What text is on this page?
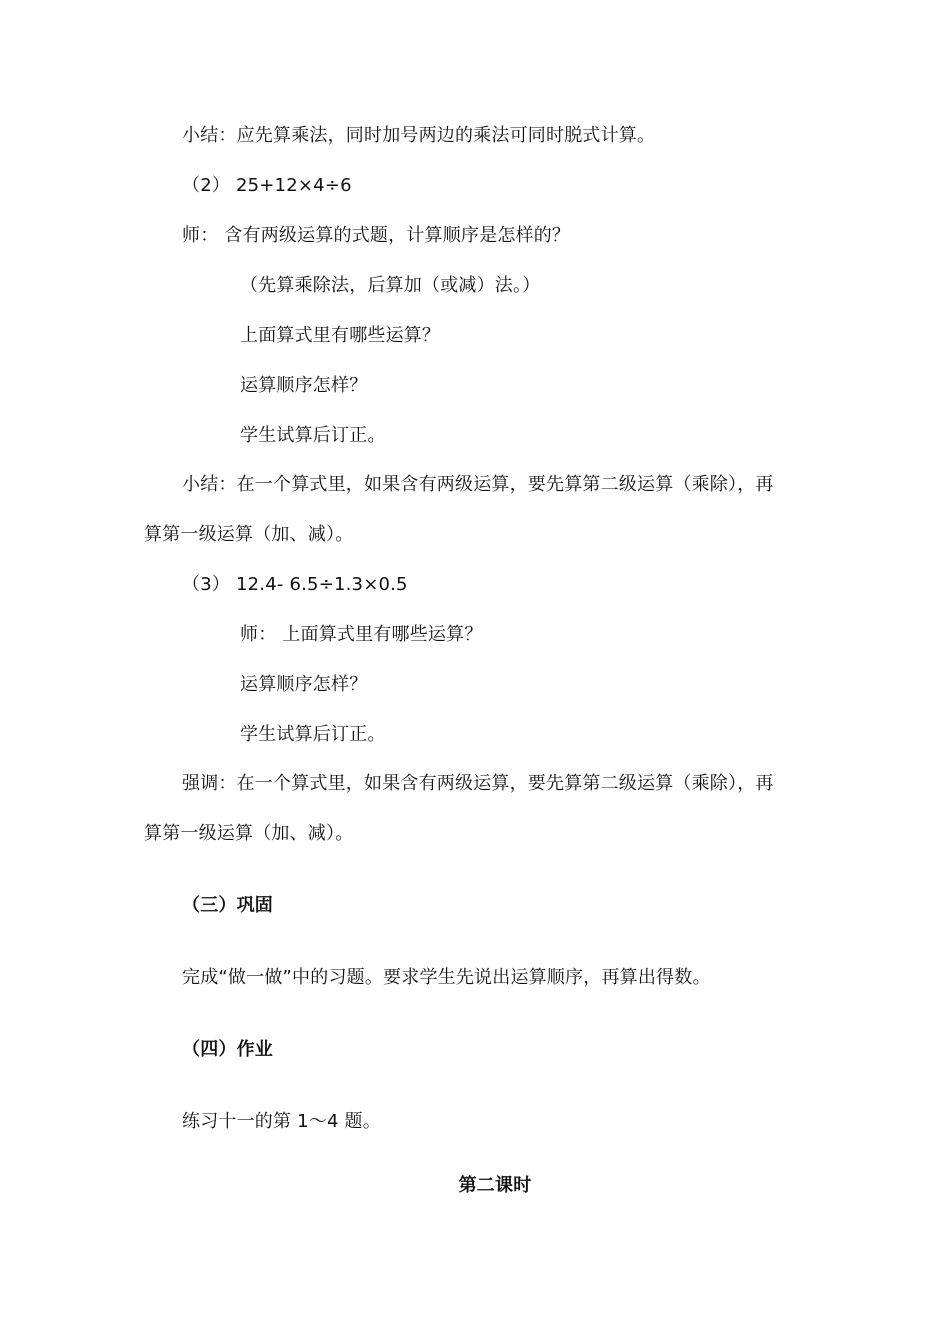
小结：应先算乘法，同时加号两边的乘法可同时脱式计算。
（2） 25+12×4÷6
师： 含有两级运算的式题，计算顺序是怎样的？
（先算乘除法，后算加（或减）法。）
上面算式里有哪些运算？
运算顺序怎样？
学生试算后订正。
小结：在一个算式里，如果含有两级运算，要先算第二级运算（乘除），再
算第一级运算（加、减）。
（3） 12.4- 6.5÷1.3×0.5
师： 上面算式里有哪些运算？
运算顺序怎样？
学生试算后订正。
强调：在一个算式里，如果含有两级运算，要先算第二级运算（乘除），再
算第一级运算（加、减）。
（三）巩固
完成“做一做”中的习题。要求学生先说出运算顺序，再算出得数。
（四）作业
练习十一的第 1～4 题。
第二课时
